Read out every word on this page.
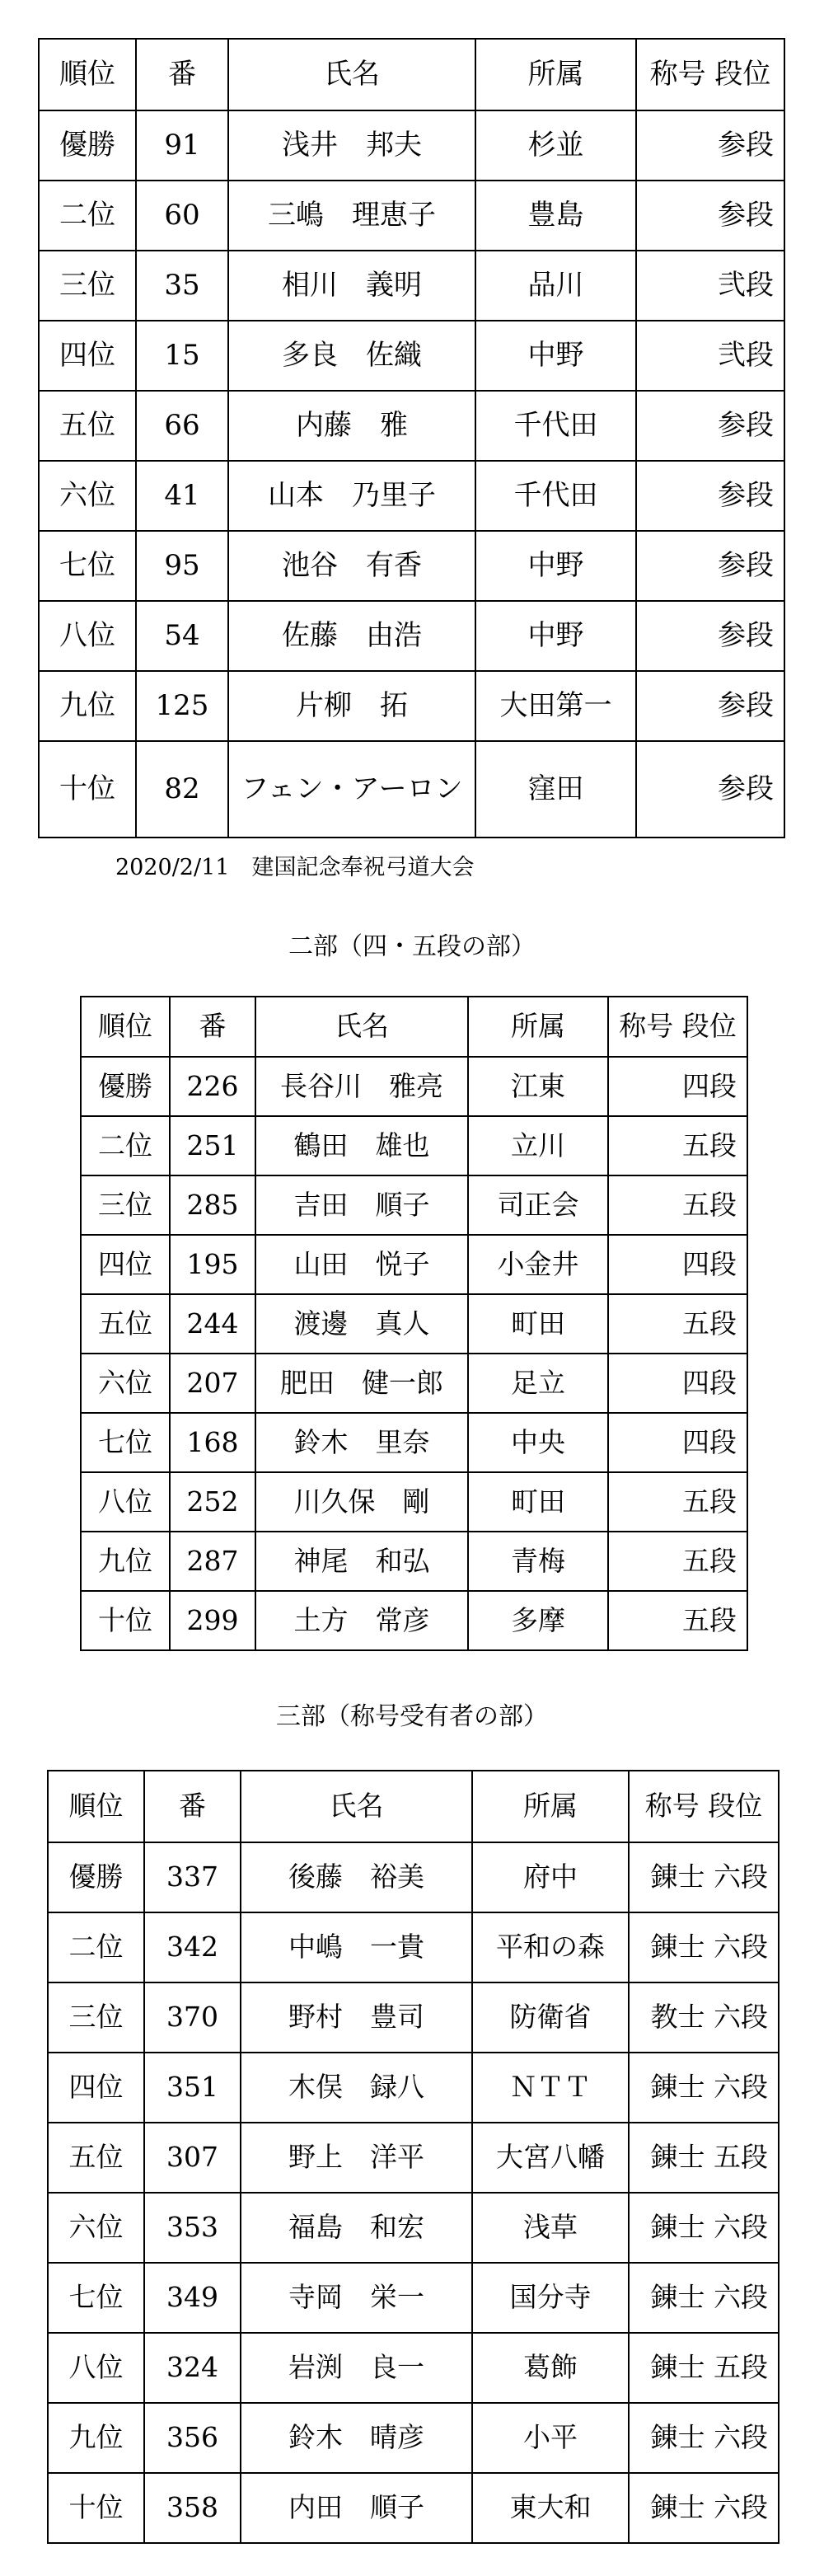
順位	番	氏名	所属	称号 段位
優勝	91	浅井　邦夫	杉並	参段
二位	60	三嶋　理恵子	豊島	参段
三位	35	相川　義明	品川	弐段
四位	15	多良　佐織	中野	弐段
五位	66	内藤　雅	千代田	参段
六位	41	山本　乃里子	千代田	参段
七位	95	池谷　有香	中野	参段
八位	54	佐藤　由浩	中野	参段
九位	125	片柳　拓	大田第一	参段
十位	82	フェン・アーロン	窪田	参段
2020/2/11　建国記念奉祝弓道大会
二部（四・五段の部）
順位	番	氏名	所属	称号 段位
優勝	226	長谷川　雅亮	江東	四段
二位	251	鶴田　雄也	立川	五段
三位	285	吉田　順子	司正会	五段
四位	195	山田　悦子	小金井	四段
五位	244	渡邊　真人	町田	五段
六位	207	肥田　健一郎	足立	四段
七位	168	鈴木　里奈	中央	四段
八位	252	川久保　剛	町田	五段
九位	287	神尾　和弘	青梅	五段
十位	299	土方　常彦	多摩	五段
三部（称号受有者の部）
順位	番	氏名	所属	称号 段位
優勝	337	後藤　裕美	府中	錬士 六段
二位	342	中嶋　一貴	平和の森	錬士 六段
三位	370	野村　豊司	防衛省	教士 六段
四位	351	木俣　録八	ＮＴＴ	錬士 六段
五位	307	野上　洋平	大宮八幡	錬士 五段
六位	353	福島　和宏	浅草	錬士 六段
七位	349	寺岡　栄一	国分寺	錬士 六段
八位	324	岩渕　良一	葛飾	錬士 五段
九位	356	鈴木　晴彦	小平	錬士 六段
十位	358	内田　順子	東大和	錬士 六段
